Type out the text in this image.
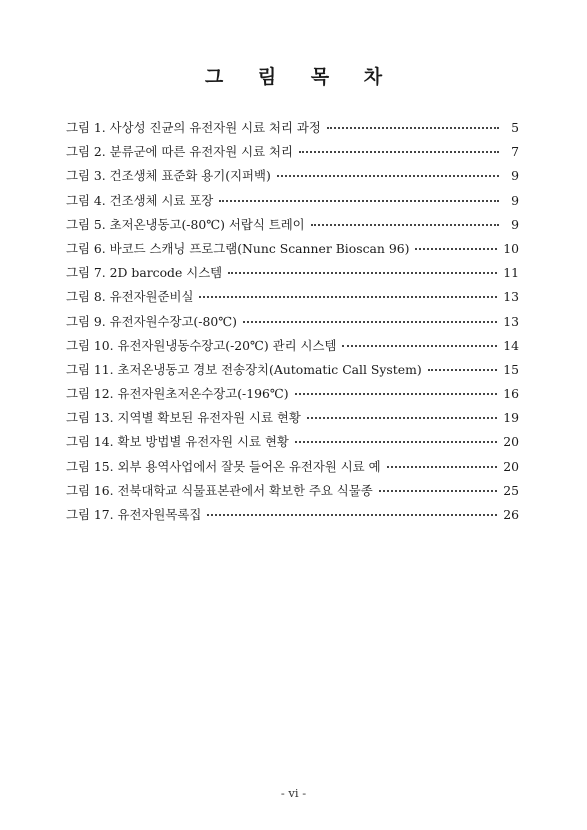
그 림 목 차
그림 1. 사상성 진균의 유전자원 시료 처리 과정	5
그림 2. 분류군에 따른 유전자원 시료 처리	7
그림 3. 건조생체 표준화 용기(지퍼백)	9
그림 4. 건조생체 시료 포장	9
그림 5. 초저온냉동고(-80℃) 서랍식 트레이	9
그림 6. 바코드 스캐닝 프로그램(Nunc Scanner Bioscan 96)	10
그림 7. 2D barcode 시스템	11
그림 8. 유전자원준비실	13
그림 9. 유전자원수장고(-80℃)	13
그림 10. 유전자원냉동수장고(-20℃) 관리 시스템	14
그림 11. 초저온냉동고 경보 전송장치(Automatic Call System)	15
그림 12. 유전자원초저온수장고(-196℃)	16
그림 13. 지역별 확보된 유전자원 시료 현황	19
그림 14. 확보 방법별 유전자원 시료 현황	20
그림 15. 외부 용역사업에서 잘못 들어온 유전자원 시료 예	20
그림 16. 전북대학교 식물표본관에서 확보한 주요 식물종	25
그림 17. 유전자원목록집	26
- vi -
